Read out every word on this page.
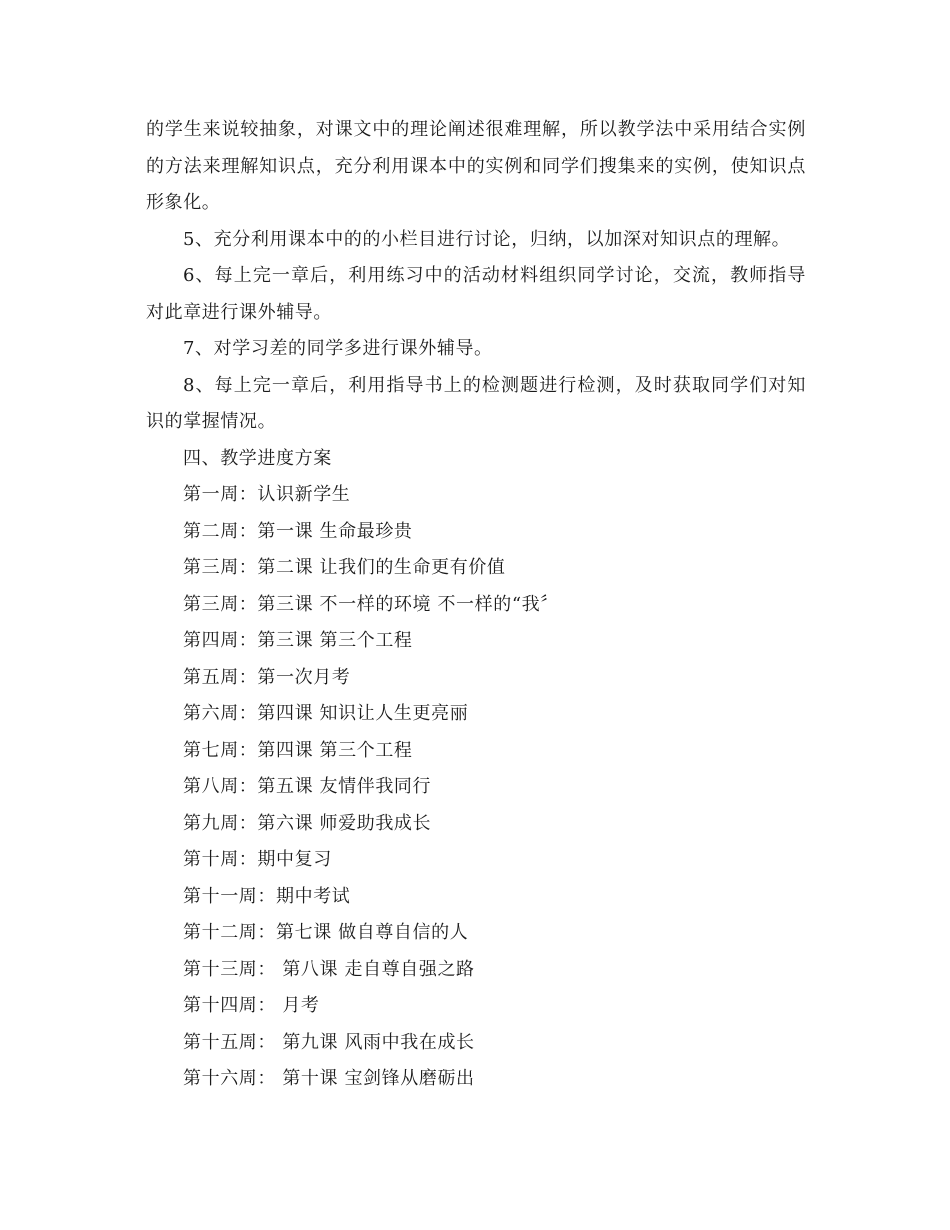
的学生来说较抽象，对课文中的理论阐述很难理解，所以教学法中采用结合实例的方法来理解知识点，充分利用课本中的实例和同学们搜集来的实例，使知识点形象化。

5、充分利用课本中的的小栏目进行讨论，归纳，以加深对知识点的理解。

6、每上完一章后，利用练习中的活动材料组织同学讨论，交流，教师指导对此章进行课外辅导。

7、对学习差的同学多进行课外辅导。

8、每上完一章后，利用指导书上的检测题进行检测，及时获取同学们对知识的掌握情况。

四、教学进度方案

第一周：认识新学生
第二周：第一课 生命最珍贵
第三周：第二课 让我们的生命更有价值
第三周：第三课 不一样的环境 不一样的“我〞
第四周：第三课 第三个工程
第五周：第一次月考
第六周：第四课 知识让人生更亮丽
第七周：第四课 第三个工程
第八周：第五课 友情伴我同行
第九周：第六课 师爱助我成长
第十周：期中复习
第十一周：期中考试
第十二周：第七课 做自尊自信的人
第十三周： 第八课 走自尊自强之路
第十四周： 月考
第十五周： 第九课 风雨中我在成长
第十六周： 第十课 宝剑锋从磨砺出
